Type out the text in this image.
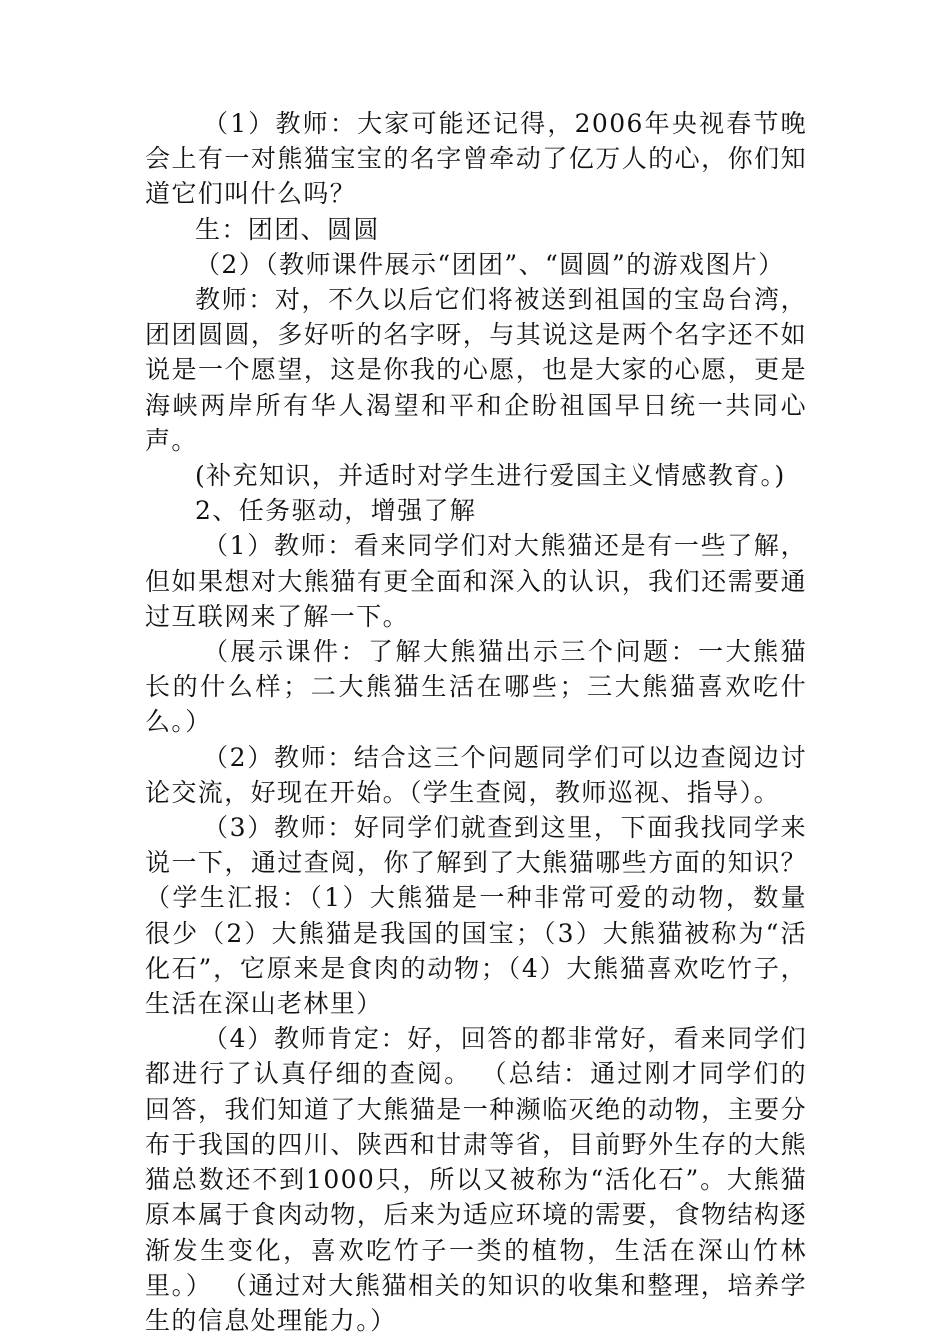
（1）教师：大家可能还记得，2006年央视春节晚会上有一对熊猫宝宝的名字曾牵动了亿万人的心，你们知道它们叫什么吗？

生：团团、圆圆

（2）（教师课件展示“团团”、“圆圆”的游戏图片）

教师：对，不久以后它们将被送到祖国的宝岛台湾，团团圆圆，多好听的名字呀，与其说这是两个名字还不如说是一个愿望，这是你我的心愿，也是大家的心愿，更是海峡两岸所有华人渴望和平和企盼祖国早日统一共同心声。

(补充知识，并适时对学生进行爱国主义情感教育。)

2、任务驱动，增强了解

（1）教师：看来同学们对大熊猫还是有一些了解，但如果想对大熊猫有更全面和深入的认识，我们还需要通过互联网来了解一下。

（展示课件：了解大熊猫出示三个问题：一大熊猫长的什么样；二大熊猫生活在哪些；三大熊猫喜欢吃什么。）

（2）教师：结合这三个问题同学们可以边查阅边讨论交流，好现在开始。（学生查阅，教师巡视、指导）。

（3）教师：好同学们就查到这里，下面我找同学来说一下，通过查阅，你了解到了大熊猫哪些方面的知识？（学生汇报：（1）大熊猫是一种非常可爱的动物，数量很少（2）大熊猫是我国的国宝；（3）大熊猫被称为“活化石”，它原来是食肉的动物；（4）大熊猫喜欢吃竹子，生活在深山老林里）

（4）教师肯定：好，回答的都非常好，看来同学们都进行了认真仔细的查阅。 （总结：通过刚才同学们的回答，我们知道了大熊猫是一种濒临灭绝的动物，主要分布于我国的四川、陕西和甘肃等省，目前野外生存的大熊猫总数还不到1000只，所以又被称为“活化石”。大熊猫原本属于食肉动物，后来为适应环境的需要，食物结构逐渐发生变化，喜欢吃竹子一类的植物，生活在深山竹林里。） （通过对大熊猫相关的知识的收集和整理，培养学生的信息处理能力。）
